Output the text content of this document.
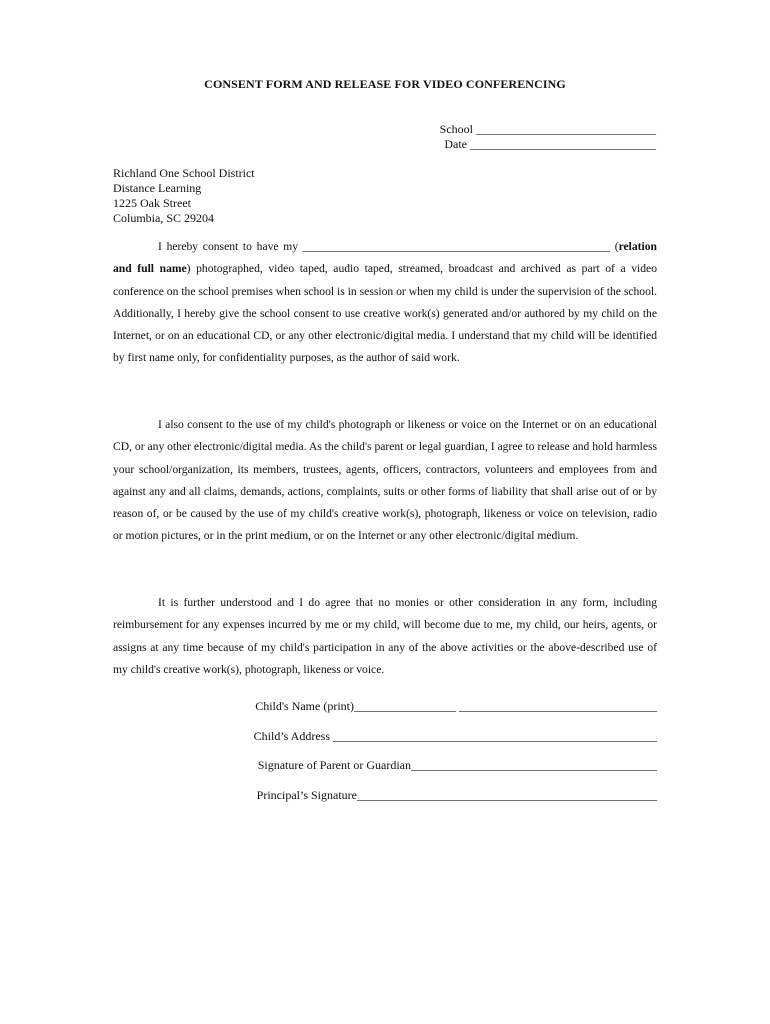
CONSENT FORM AND RELEASE FOR VIDEO CONFERENCING
School ______________________________
Date _______________________________
Richland One School District
Distance Learning
1225 Oak Street
Columbia, SC 29204

I hereby consent to have my _____________________________________________________ (relation and full name) photographed, video taped, audio taped, streamed, broadcast and archived as part of a video conference on the school premises when school is in session or when my child is under the supervision of the school. Additionally, I hereby give the school consent to use creative work(s) generated and/or authored by my child on the Internet, or on an educational CD, or any other electronic/digital media. I understand that my child will be identified by first name only, for confidentiality purposes, as the author of said work.

I also consent to the use of my child's photograph or likeness or voice on the Internet or on an educational CD, or any other electronic/digital media. As the child's parent or legal guardian, I agree to release and hold harmless your school/organization, its members, trustees, agents, officers, contractors, volunteers and employees from and against any and all claims, demands, actions, complaints, suits or other forms of liability that shall arise out of or by reason of, or be caused by the use of my child's creative work(s), photograph, likeness or voice on television, radio or motion pictures, or in the print medium, or on the Internet or any other electronic/digital medium.

It is further understood and I do agree that no monies or other consideration in any form, including reimbursement for any expenses incurred by me or my child, will become due to me, my child, our heirs, agents, or assigns at any time because of my child's participation in any of the above activities or the above-described use of my child's creative work(s), photograph, likeness or voice.

Child's Name (print)_________________ _________________________________
Child’s Address ______________________________________________________
Signature of Parent or Guardian_________________________________________
Principal’s Signature__________________________________________________
